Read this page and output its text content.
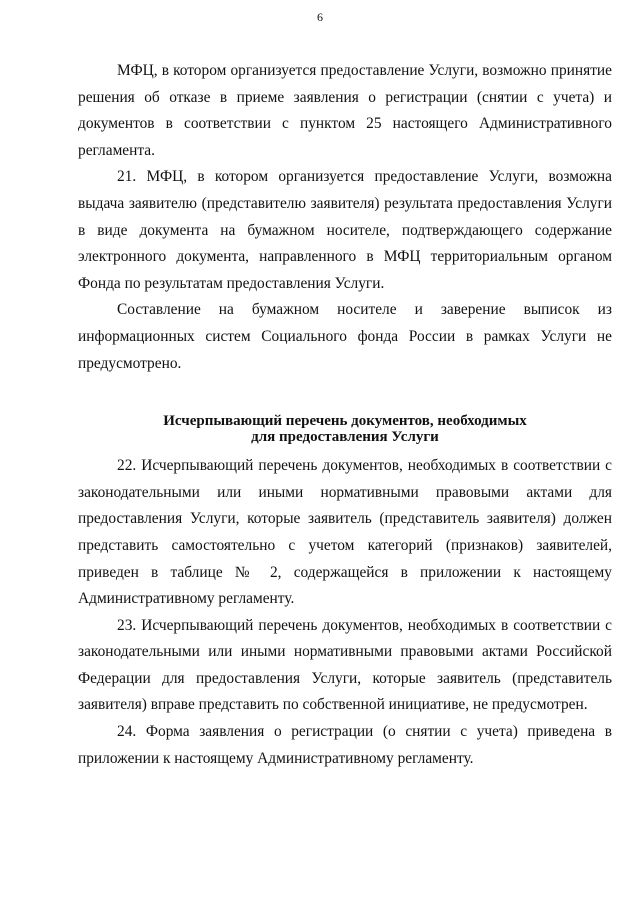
6

МФЦ, в котором организуется предоставление Услуги, возможно принятие решения об отказе в приеме заявления о регистрации (снятии с учета) и документов в соответствии с пунктом 25 настоящего Административного регламента.

21. МФЦ, в котором организуется предоставление Услуги, возможна выдача заявителю (представителю заявителя) результата предоставления Услуги в виде документа на бумажном носителе, подтверждающего содержание электронного документа, направленного в МФЦ территориальным органом Фонда по результатам предоставления Услуги.

Составление на бумажном носителе и заверение выписок из информационных систем Социального фонда России в рамках Услуги не предусмотрено.

Исчерпывающий перечень документов, необходимых
для предоставления Услуги

22. Исчерпывающий перечень документов, необходимых в соответствии с законодательными или иными нормативными правовыми актами для предоставления Услуги, которые заявитель (представитель заявителя) должен представить самостоятельно с учетом категорий (признаков) заявителей, приведен в таблице № 2, содержащейся в приложении к настоящему Административному регламенту.

23. Исчерпывающий перечень документов, необходимых в соответствии с законодательными или иными нормативными правовыми актами Российской Федерации для предоставления Услуги, которые заявитель (представитель заявителя) вправе представить по собственной инициативе, не предусмотрен.

24. Форма заявления о регистрации (о снятии с учета) приведена в приложении к настоящему Административному регламенту.
